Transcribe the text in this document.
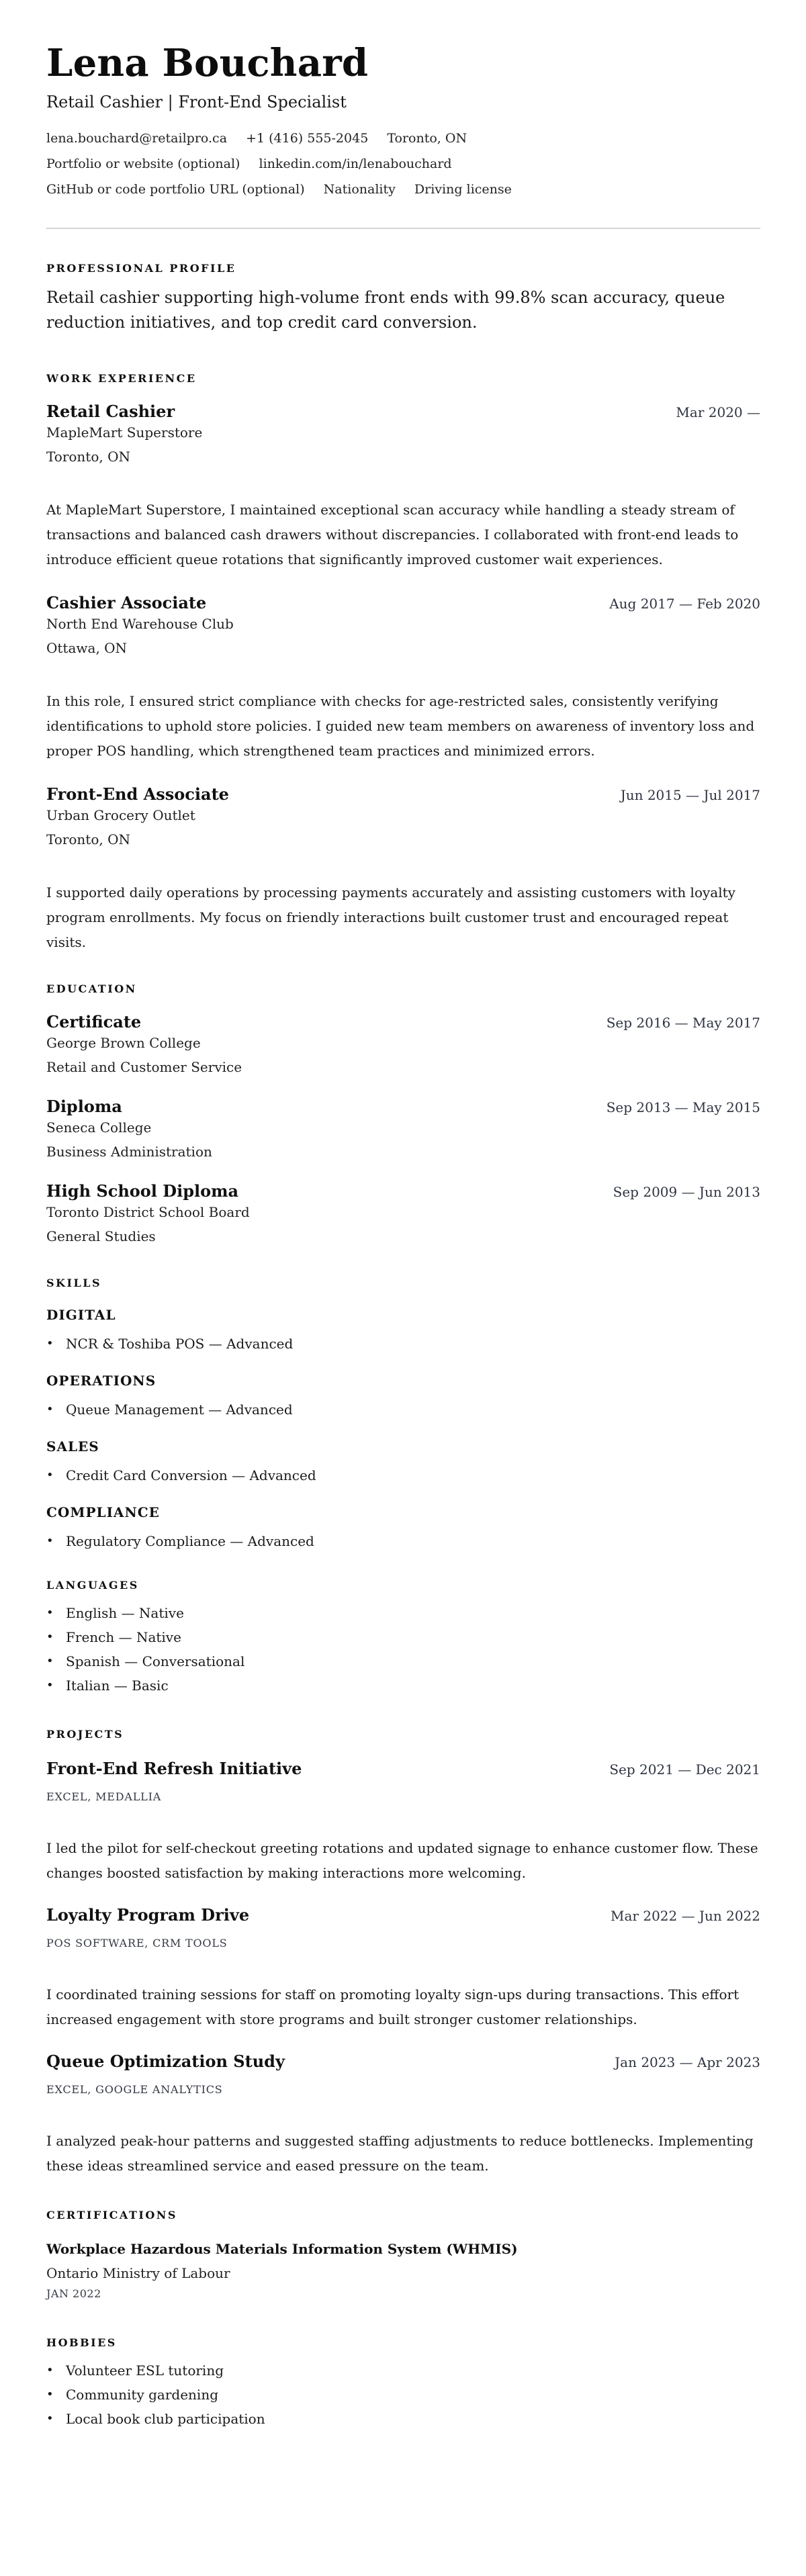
Lena Bouchard
Retail Cashier | Front-End Specialist
lena.bouchard@retailpro.ca +1 (416) 555-2045 Toronto, ON
Portfolio or website (optional) linkedin.com/in/lenabouchard
GitHub or code portfolio URL (optional) Nationality Driving license
PROFESSIONAL PROFILE

Retail cashier supporting high-volume front ends with 99.8% scan accuracy, queue reduction initiatives, and top credit card conversion.

WORK EXPERIENCE
Retail Cashier	Mar 2020 —
MapleMart Superstore
Toronto, ON

At MapleMart Superstore, I maintained exceptional scan accuracy while handling a steady stream of transactions and balanced cash drawers without discrepancies. I collaborated with front-end leads to introduce efficient queue rotations that significantly improved customer wait experiences.

Cashier Associate	Aug 2017 — Feb 2020
North End Warehouse Club
Ottawa, ON

In this role, I ensured strict compliance with checks for age-restricted sales, consistently verifying identifications to uphold store policies. I guided new team members on awareness of inventory loss and proper POS handling, which strengthened team practices and minimized errors.

Front-End Associate	Jun 2015 — Jul 2017
Urban Grocery Outlet
Toronto, ON

I supported daily operations by processing payments accurately and assisting customers with loyalty program enrollments. My focus on friendly interactions built customer trust and encouraged repeat visits.

EDUCATION
Certificate	Sep 2016 — May 2017
George Brown College
Retail and Customer Service
Diploma	Sep 2013 — May 2015
Seneca College
Business Administration
High School Diploma	Sep 2009 — Jun 2013
Toronto District School Board
General Studies
SKILLS
DIGITAL
• NCR & Toshiba POS — Advanced
OPERATIONS
• Queue Management — Advanced
SALES
• Credit Card Conversion — Advanced
COMPLIANCE
• Regulatory Compliance — Advanced
LANGUAGES
• English — Native
• French — Native
• Spanish — Conversational
• Italian — Basic
PROJECTS
Front-End Refresh Initiative	Sep 2021 — Dec 2021
EXCEL, MEDALLIA

I led the pilot for self-checkout greeting rotations and updated signage to enhance customer flow. These changes boosted satisfaction by making interactions more welcoming.

Loyalty Program Drive	Mar 2022 — Jun 2022
POS SOFTWARE, CRM TOOLS

I coordinated training sessions for staff on promoting loyalty sign-ups during transactions. This effort increased engagement with store programs and built stronger customer relationships.

Queue Optimization Study	Jan 2023 — Apr 2023
EXCEL, GOOGLE ANALYTICS

I analyzed peak-hour patterns and suggested staffing adjustments to reduce bottlenecks. Implementing these ideas streamlined service and eased pressure on the team.

CERTIFICATIONS
Workplace Hazardous Materials Information System (WHMIS)
Ontario Ministry of Labour
JAN 2022
HOBBIES
• Volunteer ESL tutoring
• Community gardening
• Local book club participation
